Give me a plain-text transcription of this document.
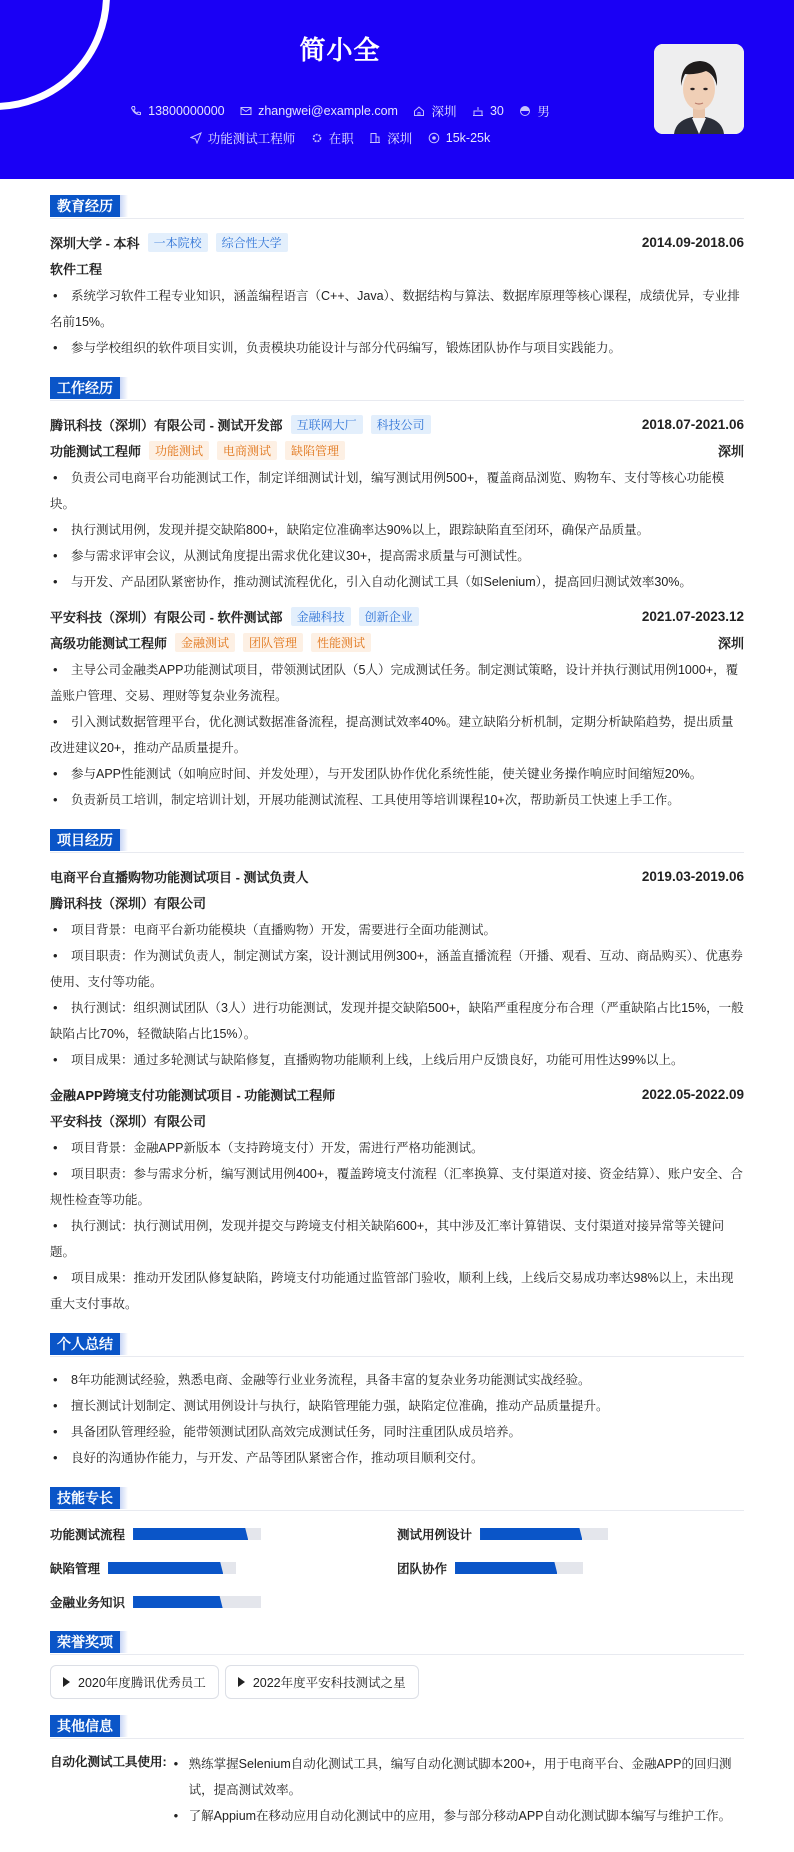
简小全
13800000000
	zhangwei@example.com
	深圳
	30
	男
功能测试工程师
	在职
	深圳
	15k-25k
教育经历
深圳大学 - 本科	一本院校	综合性大学	2014.09-2018.06
软件工程
• 系统学习软件工程专业知识，涵盖编程语言（C++、Java）、数据结构与算法、数据库原理等核心课程，成绩优异，专业排名前15%。
• 参与学校组织的软件项目实训，负责模块功能设计与部分代码编写，锻炼团队协作与项目实践能力。
工作经历
腾讯科技（深圳）有限公司 - 测试开发部	互联网大厂	科技公司	2018.07-2021.06
功能测试工程师	功能测试	电商测试	缺陷管理	深圳
• 负责公司电商平台功能测试工作，制定详细测试计划，编写测试用例500+，覆盖商品浏览、购物车、支付等核心功能模块。
• 执行测试用例，发现并提交缺陷800+，缺陷定位准确率达90%以上，跟踪缺陷直至闭环，确保产品质量。
• 参与需求评审会议，从测试角度提出需求优化建议30+，提高需求质量与可测试性。
• 与开发、产品团队紧密协作，推动测试流程优化，引入自动化测试工具（如Selenium），提高回归测试效率30%。
平安科技（深圳）有限公司 - 软件测试部	金融科技	创新企业	2021.07-2023.12
高级功能测试工程师	金融测试	团队管理	性能测试	深圳
• 主导公司金融类APP功能测试项目，带领测试团队（5人）完成测试任务。制定测试策略，设计并执行测试用例1000+，覆盖账户管理、交易、理财等复杂业务流程。
• 引入测试数据管理平台，优化测试数据准备流程，提高测试效率40%。建立缺陷分析机制，定期分析缺陷趋势，提出质量改进建议20+，推动产品质量提升。
• 参与APP性能测试（如响应时间、并发处理），与开发团队协作优化系统性能，使关键业务操作响应时间缩短20%。
• 负责新员工培训，制定培训计划，开展功能测试流程、工具使用等培训课程10+次，帮助新员工快速上手工作。
项目经历
电商平台直播购物功能测试项目 - 测试负责人	2019.03-2019.06
腾讯科技（深圳）有限公司
• 项目背景：电商平台新功能模块（直播购物）开发，需要进行全面功能测试。
• 项目职责：作为测试负责人，制定测试方案，设计测试用例300+，涵盖直播流程（开播、观看、互动、商品购买）、优惠券使用、支付等功能。
• 执行测试：组织测试团队（3人）进行功能测试，发现并提交缺陷500+，缺陷严重程度分布合理（严重缺陷占比15%，一般缺陷占比70%，轻微缺陷占比15%）。
• 项目成果：通过多轮测试与缺陷修复，直播购物功能顺利上线，上线后用户反馈良好，功能可用性达99%以上。
金融APP跨境支付功能测试项目 - 功能测试工程师	2022.05-2022.09
平安科技（深圳）有限公司
• 项目背景：金融APP新版本（支持跨境支付）开发，需进行严格功能测试。
• 项目职责：参与需求分析，编写测试用例400+，覆盖跨境支付流程（汇率换算、支付渠道对接、资金结算）、账户安全、合规性检查等功能。
• 执行测试：执行测试用例，发现并提交与跨境支付相关缺陷600+，其中涉及汇率计算错误、支付渠道对接异常等关键问题。
• 项目成果：推动开发团队修复缺陷，跨境支付功能通过监管部门验收，顺利上线，上线后交易成功率达98%以上，未出现重大支付事故。
个人总结
• 8年功能测试经验，熟悉电商、金融等行业业务流程，具备丰富的复杂业务功能测试实战经验。
• 擅长测试计划制定、测试用例设计与执行，缺陷管理能力强，缺陷定位准确，推动产品质量提升。
• 具备团队管理经验，能带领测试团队高效完成测试任务，同时注重团队成员培养。
• 良好的沟通协作能力，与开发、产品等团队紧密合作，推动项目顺利交付。
技能专长
功能测试流程	测试用例设计
缺陷管理	团队协作
金融业务知识
荣誉奖项
2020年度腾讯优秀员工	2022年度平安科技测试之星
其他信息
自动化测试工具使用:	• 熟练掌握Selenium自动化测试工具，编写自动化测试脚本200+，用于电商平台、金融APP的回归测试，提高测试效率。
• 了解Appium在移动应用自动化测试中的应用，参与部分移动APP自动化测试脚本编写与维护工作。
